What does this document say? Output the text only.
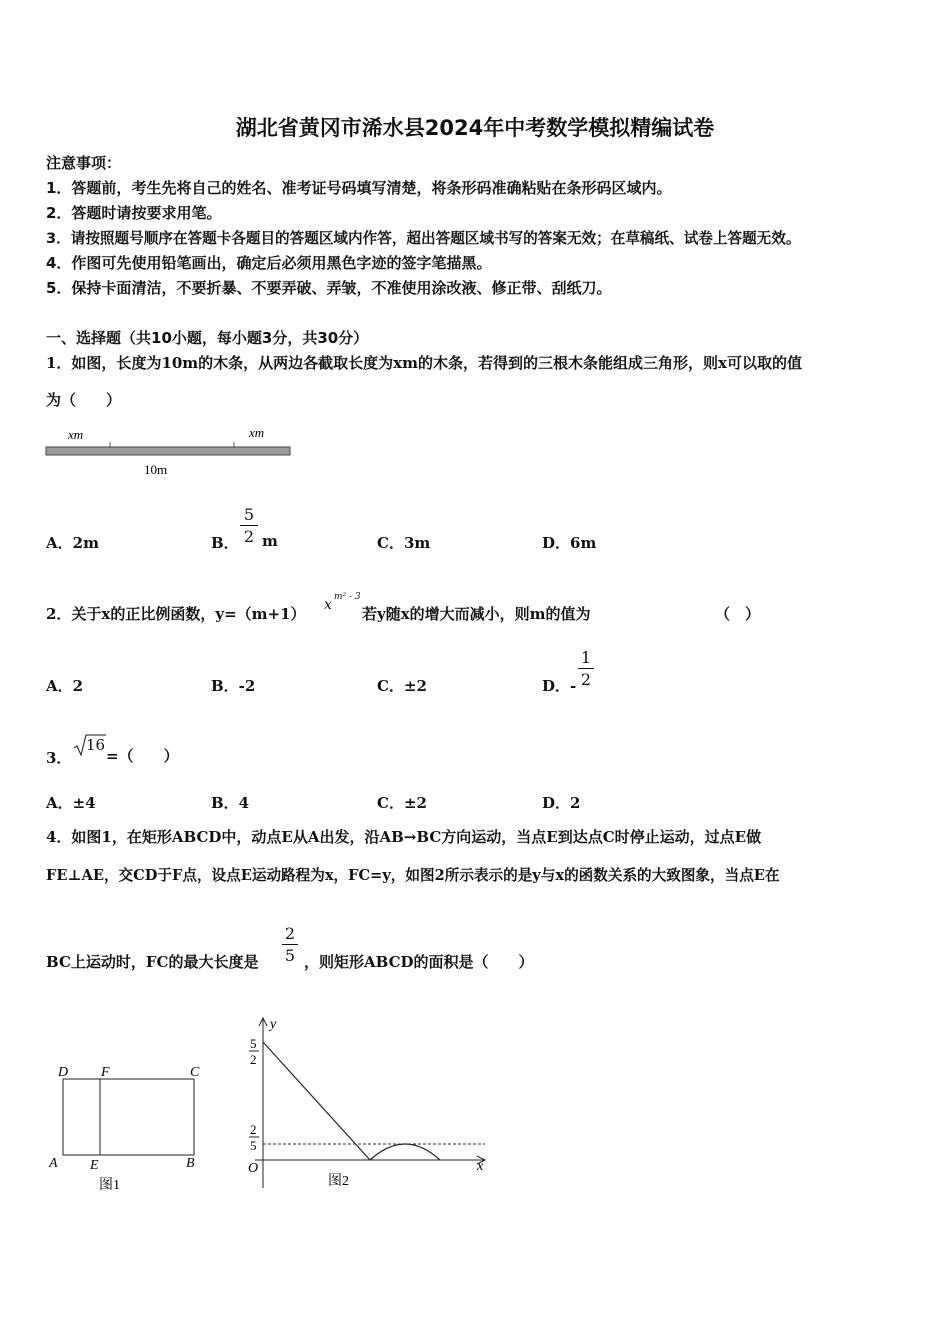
湖北省黄冈市浠水县2024年中考数学模拟精编试卷
注意事项：
1．答题前，考生先将自己的姓名、准考证号码填写清楚，将条形码准确粘贴在条形码区域内。
2．答题时请按要求用笔。
3．请按照题号顺序在答题卡各题目的答题区域内作答，超出答题区域书写的答案无效；在草稿纸、试卷上答题无效。
4．作图可先使用铅笔画出，确定后必须用黑色字迹的签字笔描黑。
5．保持卡面清洁，不要折暴、不要弄破、弄皱，不准使用涂改液、修正带、刮纸刀。
一、选择题（共10小题，每小题3分，共30分）
1．如图，长度为10m的木条，从两边各截取长度为xm的木条，若得到的三根木条能组成三角形，则x可以取的值
为（　　）
xm	xm
10m
A．2m	B．
5
2 m	C．3m	D．6m
2．关于x的正比例函数，y=（m+1） x m² - 3
若y随x的增大而减小，则m的值为	（　）
A．2	B．-2	C．±2	D．-
1
2
3．
16
=（　　）
A．±4	B．4	C．±2	D．2
4．如图1，在矩形ABCD中，动点E从A出发，沿AB→BC方向运动，当点E到达点C时停止运动，过点E做
FE⊥AE，交CD于F点，设点E运动路程为x，FC=y，如图2所示表示的是y与x的函数关系的大致图象，当点E在
BC上运动时，FC的最大长度是
2
5 ，则矩形ABCD的面积是（　　）
D F	C
A E	B
图1
y
x
O
5
2
2
5
图2
